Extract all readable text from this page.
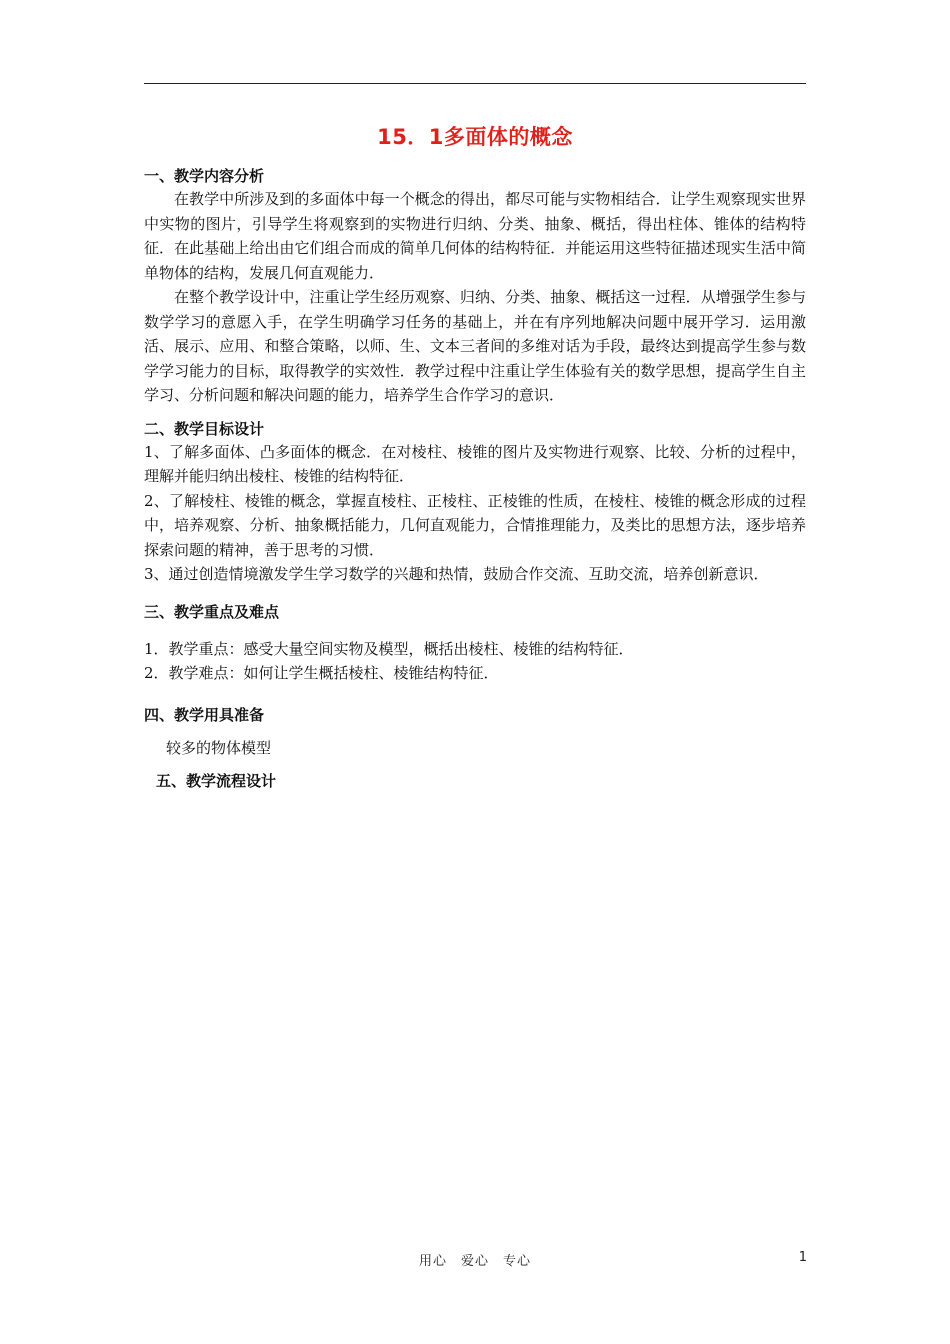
15．1多面体的概念

一、教学内容分析

在教学中所涉及到的多面体中每一个概念的得出，都尽可能与实物相结合．让学生观察现实世界中实物的图片，引导学生将观察到的实物进行归纳、分类、抽象、概括，得出柱体、锥体的结构特征．在此基础上给出由它们组合而成的简单几何体的结构特征．并能运用这些特征描述现实生活中简单物体的结构，发展几何直观能力．

在整个教学设计中，注重让学生经历观察、归纳、分类、抽象、概括这一过程．从增强学生参与数学学习的意愿入手，在学生明确学习任务的基础上，并在有序列地解决问题中展开学习．运用激活、展示、应用、和整合策略，以师、生、文本三者间的多维对话为手段，最终达到提高学生参与数学学习能力的目标，取得教学的实效性．教学过程中注重让学生体验有关的数学思想，提高学生自主学习、分析问题和解决问题的能力，培养学生合作学习的意识．

二、教学目标设计

1、了解多面体、凸多面体的概念．在对棱柱、棱锥的图片及实物进行观察、比较、分析的过程中，理解并能归纳出棱柱、棱锥的结构特征．

2、了解棱柱、棱锥的概念，掌握直棱柱、正棱柱、正棱锥的性质，在棱柱、棱锥的概念形成的过程中，培养观察、分析、抽象概括能力，几何直观能力，合情推理能力，及类比的思想方法，逐步培养探索问题的精神，善于思考的习惯．

3、通过创造情境激发学生学习数学的兴趣和热情，鼓励合作交流、互助交流，培养创新意识．

三、教学重点及难点

1．教学重点：感受大量空间实物及模型，概括出棱柱、棱锥的结构特征．

2．教学难点：如何让学生概括棱柱、棱锥结构特征．

四、教学用具准备

较多的物体模型

五、教学流程设计

用心　爱心　专心	1
